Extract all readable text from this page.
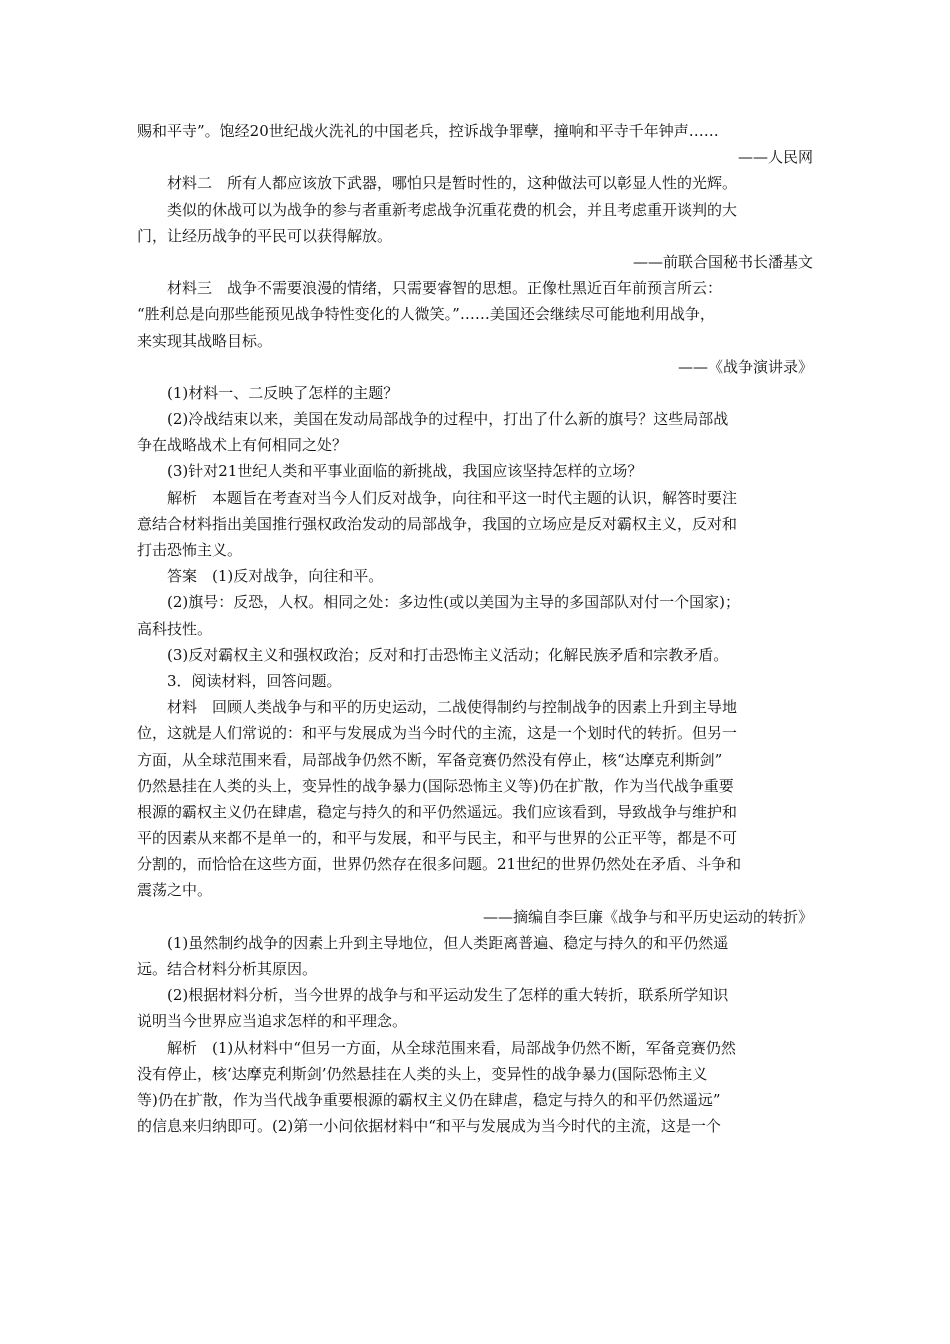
赐和平寺”。饱经20世纪战火洗礼的中国老兵，控诉战争罪孽，撞响和平寺千年钟声……
——人民网
材料二　所有人都应该放下武器，哪怕只是暂时性的，这种做法可以彰显人性的光辉。
类似的休战可以为战争的参与者重新考虑战争沉重花费的机会，并且考虑重开谈判的大
门，让经历战争的平民可以获得解放。
——前联合国秘书长潘基文
材料三　战争不需要浪漫的情绪，只需要睿智的思想。正像杜黑近百年前预言所云：
“胜利总是向那些能预见战争特性变化的人微笑。”……美国还会继续尽可能地利用战争，
来实现其战略目标。
——《战争演讲录》
(1)材料一、二反映了怎样的主题？
(2)冷战结束以来，美国在发动局部战争的过程中，打出了什么新的旗号？这些局部战
争在战略战术上有何相同之处？
(3)针对21世纪人类和平事业面临的新挑战，我国应该坚持怎样的立场？
解析　本题旨在考查对当今人们反对战争，向往和平这一时代主题的认识，解答时要注
意结合材料指出美国推行强权政治发动的局部战争，我国的立场应是反对霸权主义，反对和
打击恐怖主义。
答案　(1)反对战争，向往和平。
(2)旗号：反恐，人权。相同之处：多边性(或以美国为主导的多国部队对付一个国家)；
高科技性。
(3)反对霸权主义和强权政治；反对和打击恐怖主义活动；化解民族矛盾和宗教矛盾。
3．阅读材料，回答问题。
材料　回顾人类战争与和平的历史运动，二战使得制约与控制战争的因素上升到主导地
位，这就是人们常说的：和平与发展成为当今时代的主流，这是一个划时代的转折。但另一
方面，从全球范围来看，局部战争仍然不断，军备竞赛仍然没有停止，核“达摩克利斯剑”
仍然悬挂在人类的头上，变异性的战争暴力(国际恐怖主义等)仍在扩散，作为当代战争重要
根源的霸权主义仍在肆虐，稳定与持久的和平仍然遥远。我们应该看到，导致战争与维护和
平的因素从来都不是单一的，和平与发展，和平与民主，和平与世界的公正平等，都是不可
分割的，而恰恰在这些方面，世界仍然存在很多问题。21世纪的世界仍然处在矛盾、斗争和
震荡之中。
——摘编自李巨廉《战争与和平历史运动的转折》
(1)虽然制约战争的因素上升到主导地位，但人类距离普遍、稳定与持久的和平仍然遥
远。结合材料分析其原因。
(2)根据材料分析，当今世界的战争与和平运动发生了怎样的重大转折，联系所学知识
说明当今世界应当追求怎样的和平理念。
解析　(1)从材料中“但另一方面，从全球范围来看，局部战争仍然不断，军备竞赛仍然
没有停止，核‘达摩克利斯剑’仍然悬挂在人类的头上，变异性的战争暴力(国际恐怖主义
等)仍在扩散，作为当代战争重要根源的霸权主义仍在肆虐，稳定与持久的和平仍然遥远”
的信息来归纳即可。(2)第一小问依据材料中“和平与发展成为当今时代的主流，这是一个
